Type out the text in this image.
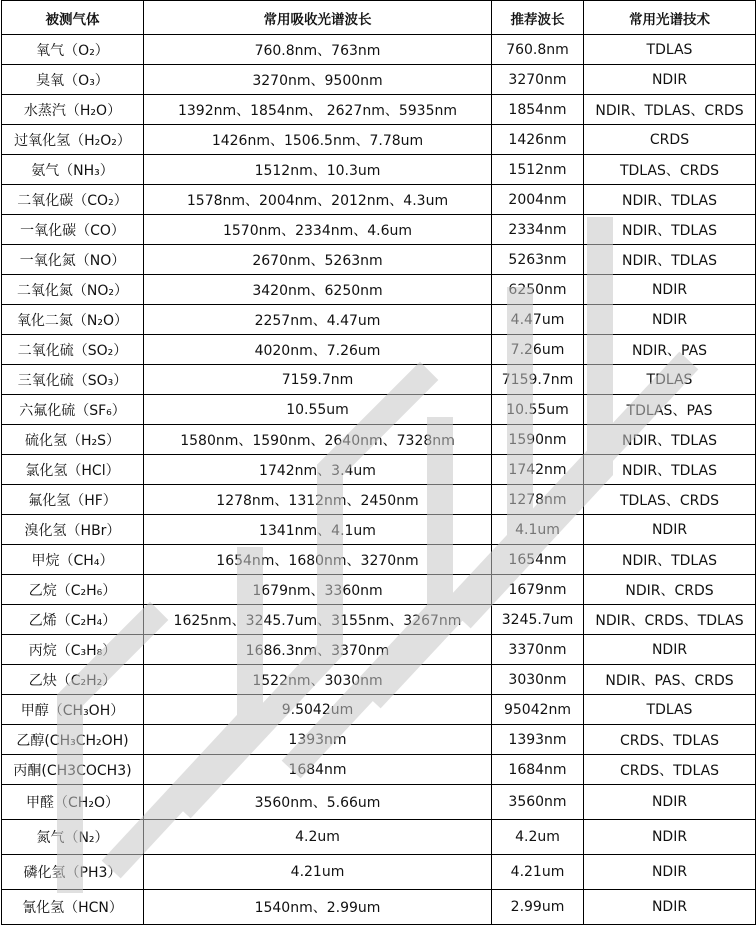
被测气体	常用吸收光谱波长	推荐波长	常用光谱技术
氧气（O₂）	760.8nm、763nm	760.8nm	TDLAS
臭氧（O₃）	3270nm、9500nm	3270nm	NDIR
水蒸汽（H₂O）	1392nm、1854nm、 2627nm、5935nm	1854nm	NDIR、TDLAS、CRDS
过氧化氢（H₂O₂）	1426nm、1506.5nm、7.78um	1426nm	CRDS
氨气（NH₃）	1512nm、10.3um	1512nm	TDLAS、CRDS
二氧化碳（CO₂）	1578nm、2004nm、2012nm、4.3um	2004nm	NDIR、TDLAS
一氧化碳（CO）	1570nm、2334nm、4.6um	2334nm	NDIR、TDLAS
一氧化氮（NO）	2670nm、5263nm	5263nm	NDIR、TDLAS
二氧化氮（NO₂）	3420nm、6250nm	6250nm	NDIR
氧化二氮（N₂O）	2257nm、4.47um	4.47um	NDIR
二氧化硫（SO₂）	4020nm、7.26um	7.26um	NDIR、PAS
三氧化硫（SO₃）	7159.7nm	7159.7nm	TDLAS
六氟化硫（SF₆）	10.55um	10.55um	TDLAS、PAS
硫化氢（H₂S）	1580nm、1590nm、2640nm、7328nm	1590nm	NDIR、TDLAS
氯化氢（HCl）	1742nm、3.4um	1742nm	NDIR、TDLAS
氟化氢（HF）	1278nm、1312nm、2450nm	1278nm	TDLAS、CRDS
溴化氢（HBr）	1341nm、4.1um	4.1um	NDIR
甲烷（CH₄）	1654nm、1680nm、3270nm	1654nm	NDIR、TDLAS
乙烷（C₂H₆）	1679nm、3360nm	1679nm	NDIR、CRDS
乙烯（C₂H₄）	1625nm、3245.7um、3155nm、3267nm	3245.7um	NDIR、CRDS、TDLAS
丙烷（C₃H₈）	1686.3nm、3370nm	3370nm	NDIR
乙炔（C₂H₂）	1522nm、3030nm	3030nm	NDIR、PAS、CRDS
甲醇（CH₃OH）	9.5042um	95042nm	TDLAS
乙醇(CH₃CH₂OH)	1393nm	1393nm	CRDS、TDLAS
丙酮(CH3COCH3)	1684nm	1684nm	CRDS、TDLAS
甲醛（CH₂O）	3560nm、5.66um	3560nm	NDIR
氮气（N₂）	4.2um	4.2um	NDIR
磷化氢（PH3）	4.21um	4.21um	NDIR
氰化氢（HCN）	1540nm、2.99um	2.99um	NDIR
